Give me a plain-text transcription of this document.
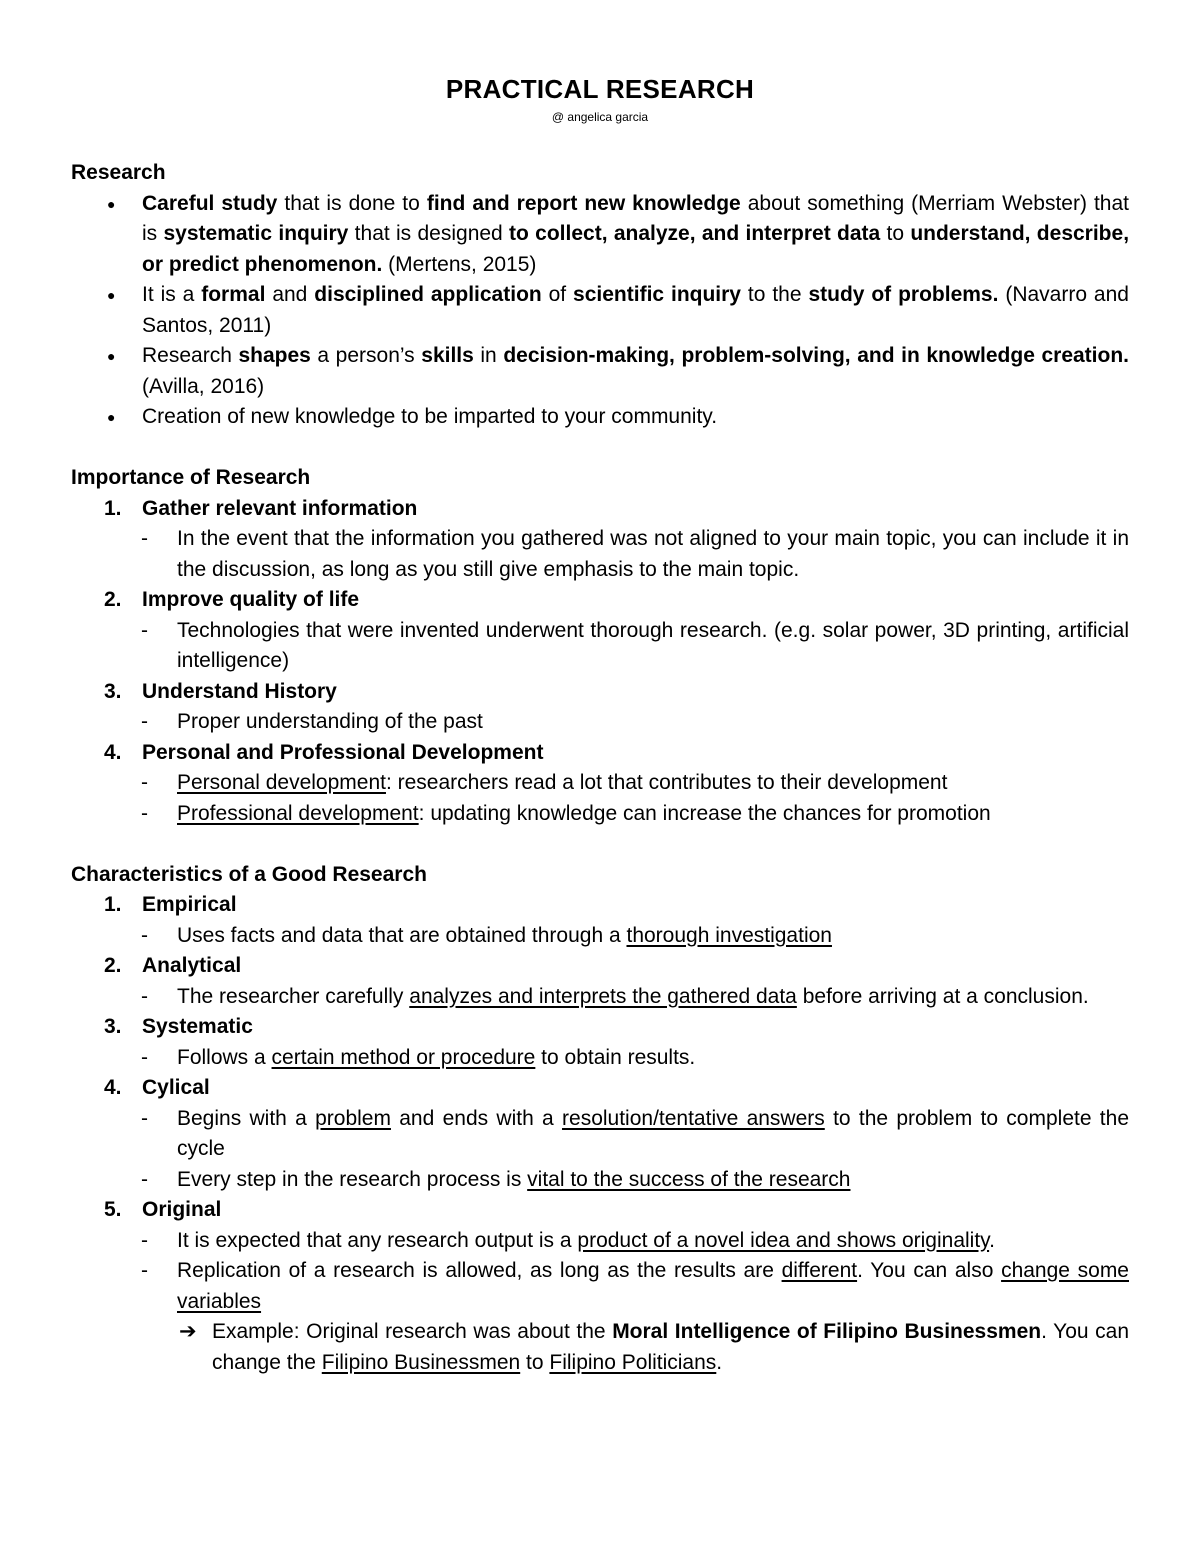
PRACTICAL RESEARCH
@ angelica garcia
Research
● Careful study that is done to find and report new knowledge about something (Merriam Webster) that is systematic inquiry that is designed to collect, analyze, and interpret data to understand, describe, or predict phenomenon. (Mertens, 2015)
● It is a formal and disciplined application of scientific inquiry to the study of problems. (Navarro and Santos, 2011)
● Research shapes a person’s skills in decision-making, problem-solving, and in knowledge creation. (Avilla, 2016)
● Creation of new knowledge to be imparted to your community.
Importance of Research
1. Gather relevant information
- In the event that the information you gathered was not aligned to your main topic, you can include it in the discussion, as long as you still give emphasis to the main topic.
2. Improve quality of life
- Technologies that were invented underwent thorough research. (e.g. solar power, 3D printing, artificial intelligence)
3. Understand History
- Proper understanding of the past
4. Personal and Professional Development
- Personal development: researchers read a lot that contributes to their development
- Professional development: updating knowledge can increase the chances for promotion
Characteristics of a Good Research
1. Empirical
- Uses facts and data that are obtained through a thorough investigation
2. Analytical
- The researcher carefully analyzes and interprets the gathered data before arriving at a conclusion.
3. Systematic
- Follows a certain method or procedure to obtain results.
4. Cylical
- Begins with a problem and ends with a resolution/tentative answers to the problem to complete the cycle
- Every step in the research process is vital to the success of the research
5. Original
- It is expected that any research output is a product of a novel idea and shows originality.
- Replication of a research is allowed, as long as the results are different. You can also change some variables
➔ Example: Original research was about the Moral Intelligence of Filipino Businessmen. You can change the Filipino Businessmen to Filipino Politicians.
